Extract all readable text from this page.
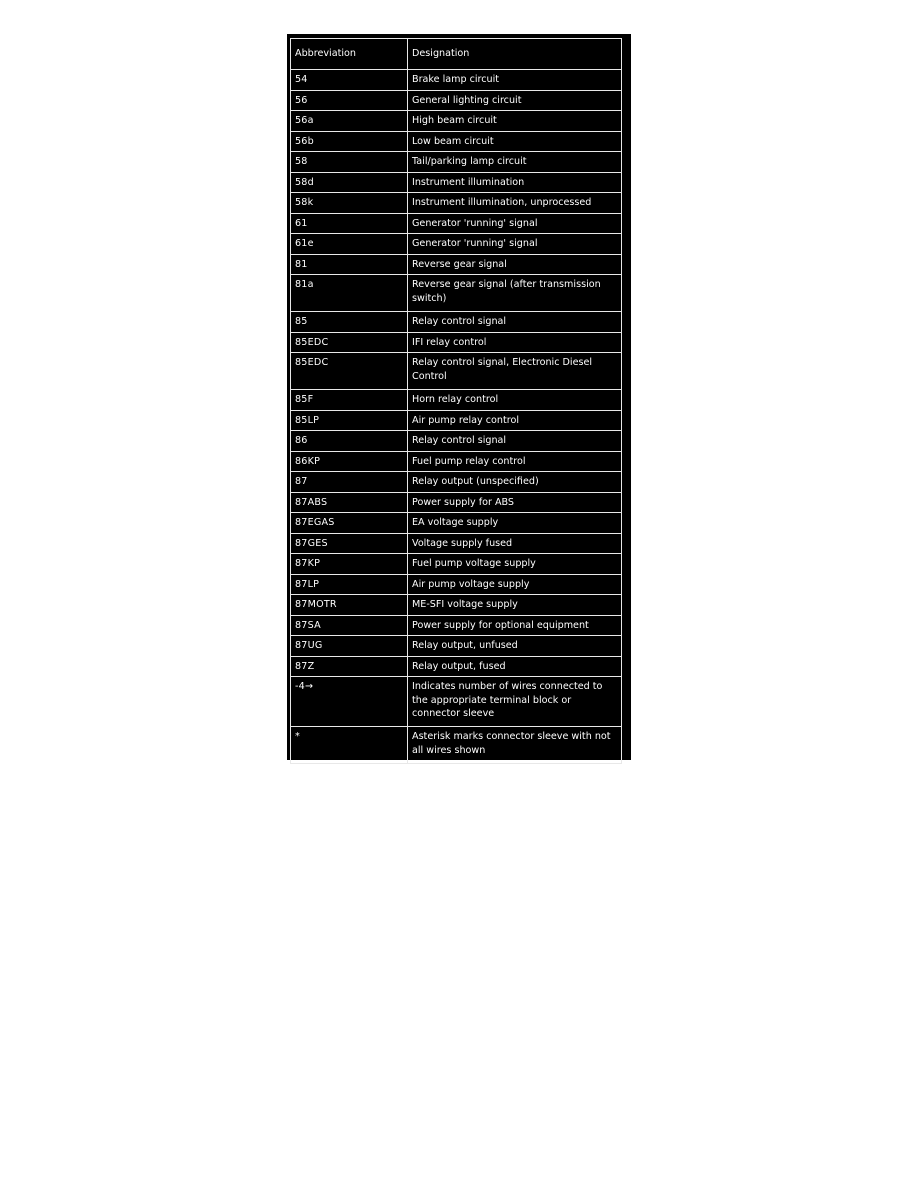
Abbreviation	Designation
54	Brake lamp circuit
56	General lighting circuit
56a	High beam circuit
56b	Low beam circuit
58	Tail/parking lamp circuit
58d	Instrument illumination
58k	Instrument illumination, unprocessed
61	Generator 'running' signal
61e	Generator 'running' signal
81	Reverse gear signal
81a	Reverse gear signal (after transmission switch)
85	Relay control signal
85EDC	IFI relay control
85EDC	Relay control signal, Electronic Diesel Control
85F	Horn relay control
85LP	Air pump relay control
86	Relay control signal
86KP	Fuel pump relay control
87	Relay output (unspecified)
87ABS	Power supply for ABS
87EGAS	EA voltage supply
87GES	Voltage supply fused
87KP	Fuel pump voltage supply
87LP	Air pump voltage supply
87MOTR	ME-SFI voltage supply
87SA	Power supply for optional equipment
87UG	Relay output, unfused
87Z	Relay output, fused
-4→	Indicates number of wires connected to the appropriate terminal block or connector sleeve
*	Asterisk marks connector sleeve with not all wires shown
